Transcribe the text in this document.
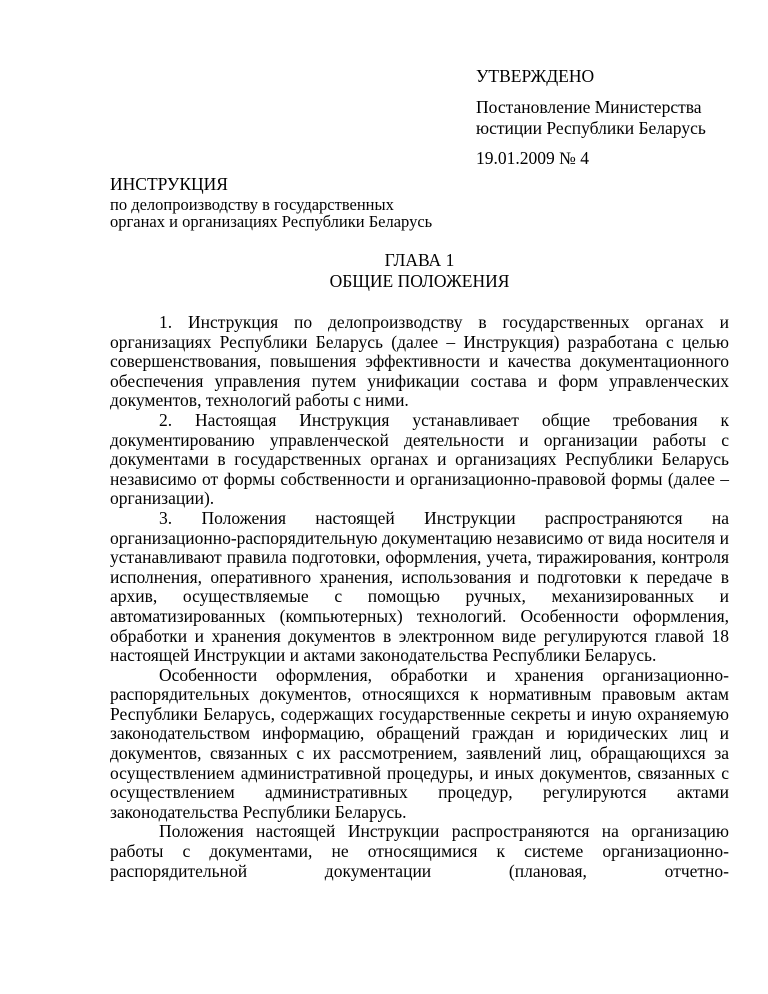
УТВЕРЖДЕНО
Постановление Министерства
юстиции Республики Беларусь
19.01.2009 № 4
ИНСТРУКЦИЯ
по делопроизводству в государственных
органах и организациях Республики Беларусь
ГЛАВА 1
ОБЩИЕ ПОЛОЖЕНИЯ

1. Инструкция по делопроизводству в государственных органах и организациях Республики Беларусь (далее – Инструкция) разработана с целью совершенствования, повышения эффективности и качества документационного обеспечения управления путем унификации состава и форм управленческих документов, технологий работы с ними.

2. Настоящая Инструкция устанавливает общие требования к документированию управленческой деятельности и организации работы с документами в государственных органах и организациях Республики Беларусь независимо от формы собственности и организационно-правовой формы (далее – организации).

3. Положения настоящей Инструкции распространяются на организационно-распорядительную документацию независимо от вида носителя и устанавливают правила подготовки, оформления, учета, тиражирования, контроля исполнения, оперативного хранения, использования и подготовки к передаче в архив, осуществляемые с помощью ручных, механизированных и автоматизированных (компьютерных) технологий. Особенности оформления, обработки и хранения документов в электронном виде регулируются главой 18 настоящей Инструкции и актами законодательства Республики Беларусь.

Особенности оформления, обработки и хранения организационно-распорядительных документов, относящихся к нормативным правовым актам Республики Беларусь, содержащих государственные секреты и иную охраняемую законодательством информацию, обращений граждан и юридических лиц и документов, связанных с их рассмотрением, заявлений лиц, обращающихся за осуществлением административной процедуры, и иных документов, связанных с осуществлением административных процедур, регулируются актами законодательства Республики Беларусь.

Положения настоящей Инструкции распространяются на организацию работы с документами, не относящимися к системе организационно-распорядительной документации (плановая, отчетно-
